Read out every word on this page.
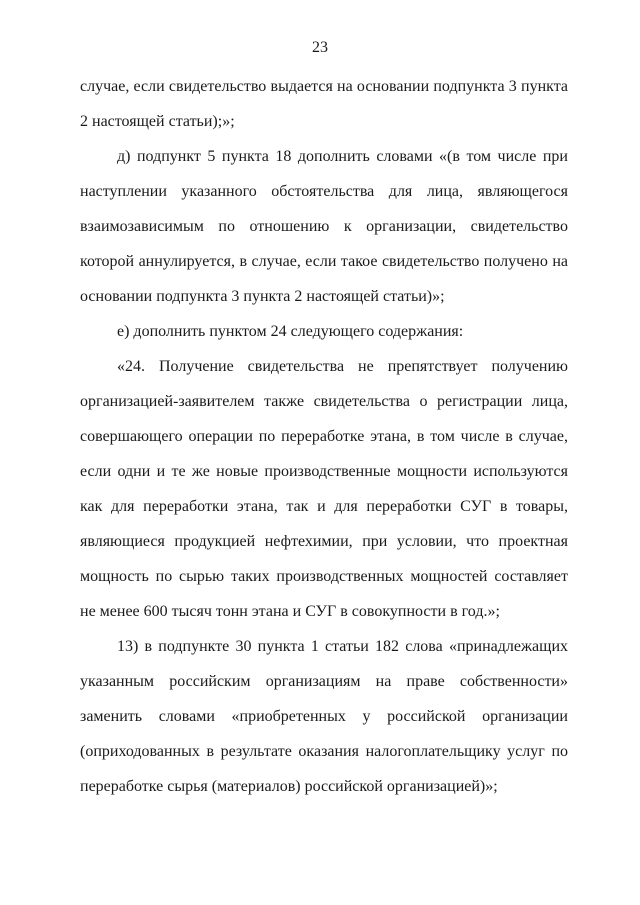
23

случае, если свидетельство выдается на основании подпункта 3 пункта 2 настоящей статьи);»;

д) подпункт 5 пункта 18 дополнить словами «(в том числе при наступлении указанного обстоятельства для лица, являющегося взаимозависимым по отношению к организации, свидетельство которой аннулируется, в случае, если такое свидетельство получено на основании подпункта 3 пункта 2 настоящей статьи)»;

е) дополнить пунктом 24 следующего содержания:

«24. Получение свидетельства не препятствует получению организацией-заявителем также свидетельства о регистрации лица, совершающего операции по переработке этана, в том числе в случае, если одни и те же новые производственные мощности используются как для переработки этана, так и для переработки СУГ в товары, являющиеся продукцией нефтехимии, при условии, что проектная мощность по сырью таких производственных мощностей составляет не менее 600 тысяч тонн этана и СУГ в совокупности в год.»;

13) в подпункте 30 пункта 1 статьи 182 слова «принадлежащих указанным российским организациям на праве собственности» заменить словами «приобретенных у российской организации (оприходованных в результате оказания налогоплательщику услуг по переработке сырья (материалов) российской организацией)»;
